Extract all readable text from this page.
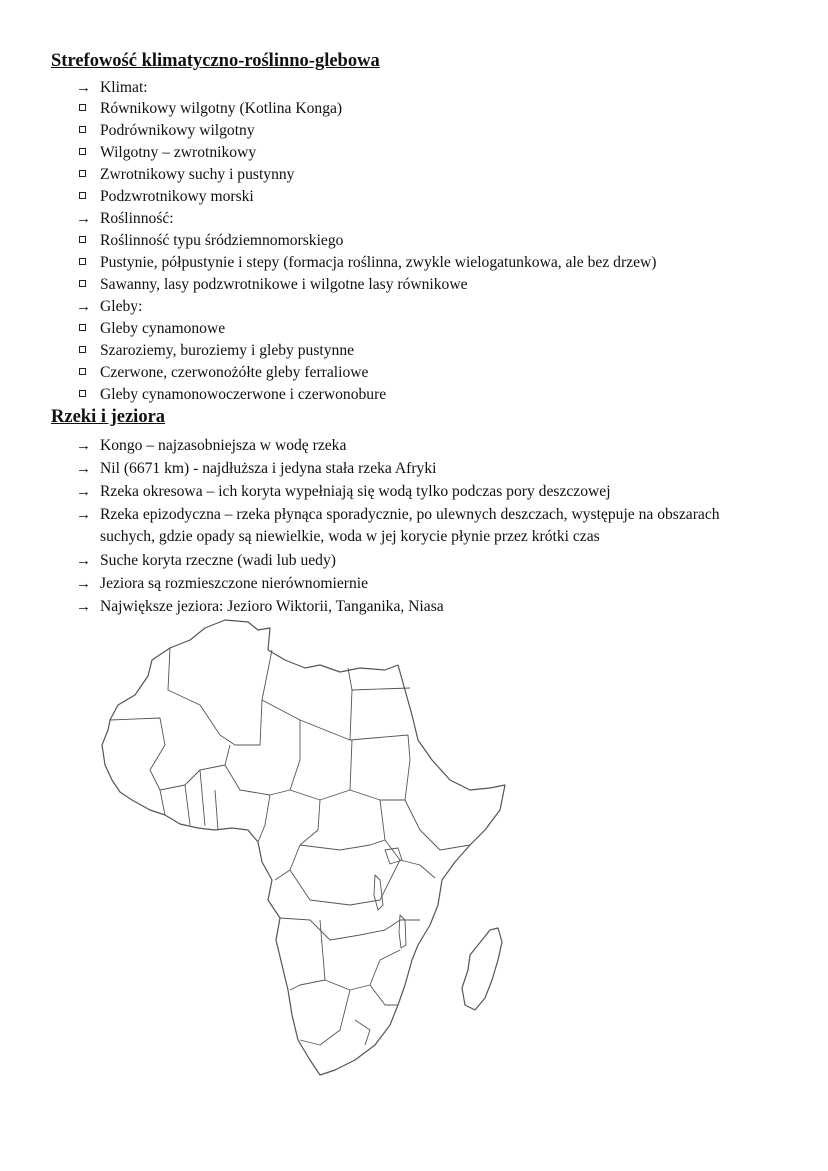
Strefowość klimatyczno-roślinno-glebowa
→ Klimat:
Równikowy wilgotny (Kotlina Konga)
Podrównikowy wilgotny
Wilgotny – zwrotnikowy
Zwrotnikowy suchy i pustynny
Podzwrotnikowy morski
→ Roślinność:
Roślinność typu śródziemnomorskiego
Pustynie, półpustynie i stepy (formacja roślinna, zwykle wielogatunkowa, ale bez drzew)
Sawanny, lasy podzwrotnikowe i wilgotne lasy równikowe
→ Gleby:
Gleby cynamonowe
Szaroziemy, buroziemy i gleby pustynne
Czerwone, czerwonożółte gleby ferraliowe
Gleby cynamonowoczerwone i czerwonobure
Rzeki i jeziora
→ Kongo – najzasobniejsza w wodę rzeka
→ Nil (6671 km) - najdłuższa i jedyna stała rzeka Afryki
→ Rzeka okresowa – ich koryta wypełniają się wodą tylko podczas pory deszczowej
→ Rzeka epizodyczna – rzeka płynąca sporadycznie, po ulewnych deszczach, występuje na obszarach
suchych, gdzie opady są niewielkie, woda w jej korycie płynie przez krótki czas
→ Suche koryta rzeczne (wadi lub uedy)
→ Jeziora są rozmieszczone nierównomiernie
→ Największe jeziora: Jezioro Wiktorii, Tanganika, Niasa
